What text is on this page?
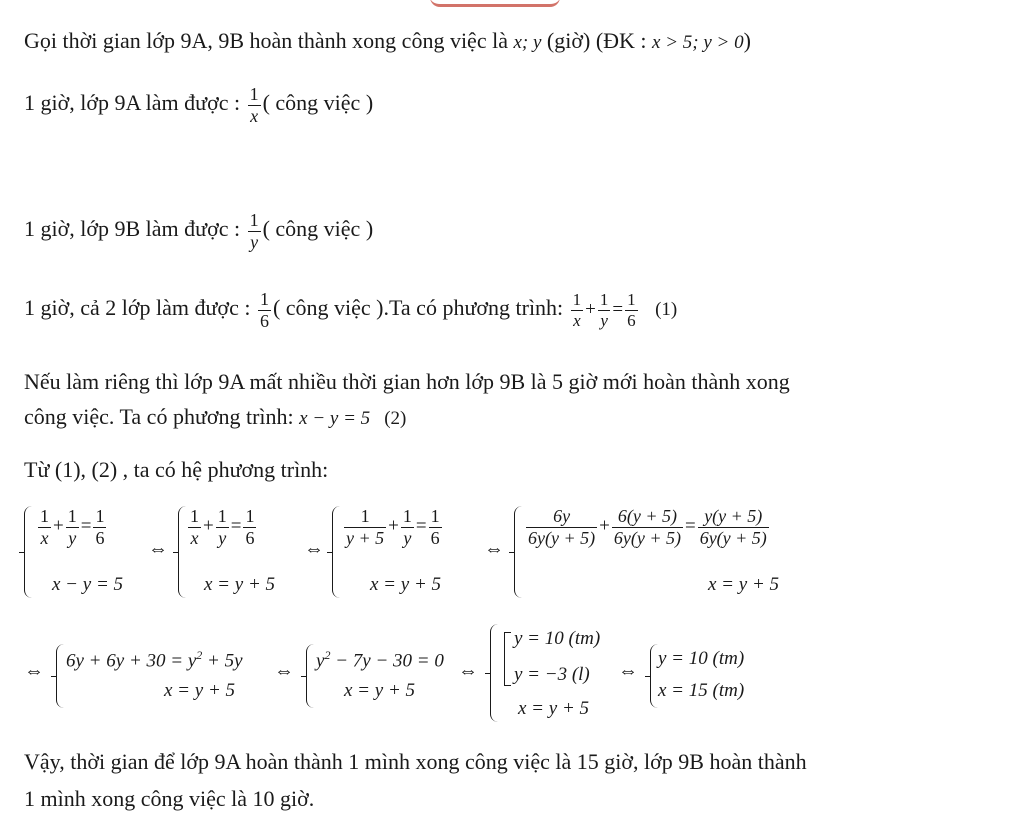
Gọi thời gian lớp 9A, 9B hoàn thành xong công việc là x; y (giờ) (ĐK : x > 5; y > 0)
1 giờ, lớp 9A làm được : $\frac{1}{x}$ ( công việc )
1 giờ, lớp 9B làm được : $\frac{1}{y}$ ( công việc )
1 giờ, cả 2 lớp làm được : $\frac{1}{6}$ ( công việc ).Ta có phương trình: $\frac{1}{x} + \frac{1}{y} = \frac{1}{6} (1)$
Nếu làm riêng thì lớp 9A mất nhiều thời gian hơn lớp 9B là 5 giờ mới hoàn thành xong
công việc. Ta có phương trình: x − y = 5 (2)
Từ (1), (2) , ta có hệ phương trình:
$\frac{1}{x} + \frac{1}{y} = \frac{1}{6}$
x − y = 5
⇔
$\frac{1}{x} + \frac{1}{y} = \frac{1}{6}$
x = y + 5
⇔
$\frac{1}{y + 5} + \frac{1}{y} = \frac{1}{6}$
x = y + 5
⇔
$\frac{6y}{6y(y + 5)} + \frac{6(y + 5)}{6y(y + 5)} = \frac{y(y + 5)}{6y(y + 5)}$
x = y + 5
⇔ $6y + 6y + 30 = y^2 + 5y$
x = y + 5
⇔ $y^2 - 7y - 30 = 0$
x = y + 5
⇔
y = 10 (tm)
y = −3 (l)
x = y + 5
⇔
y = 10 (tm)
x = 15 (tm)
Vậy, thời gian để lớp 9A hoàn thành 1 mình xong công việc là 15 giờ, lớp 9B hoàn thành
1 mình xong công việc là 10 giờ.
